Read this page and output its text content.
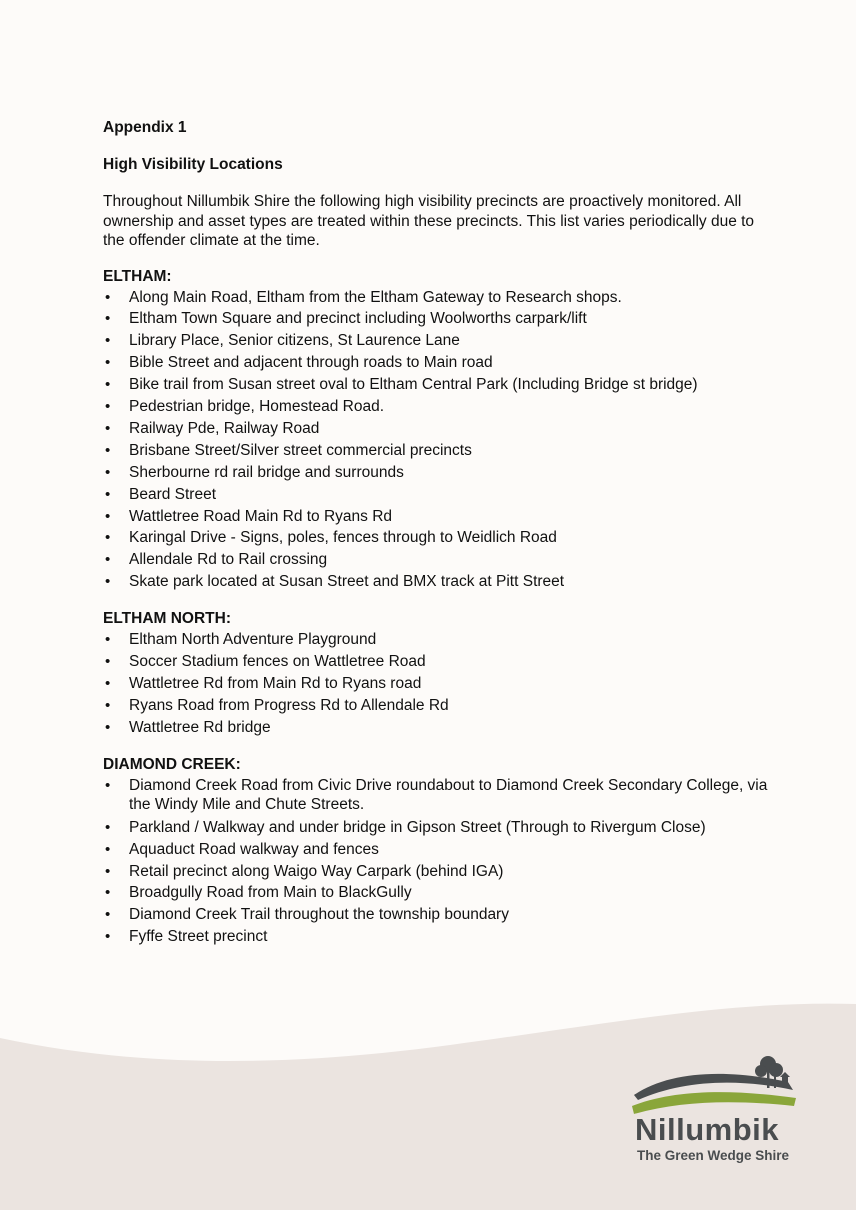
Appendix 1

High Visibility Locations

Throughout Nillumbik Shire the following high visibility precincts are proactively monitored. All ownership and asset types are treated within these precincts. This list varies periodically due to the offender climate at the time.

ELTHAM:

• Along Main Road, Eltham from the Eltham Gateway to Research shops.
• Eltham Town Square and precinct including Woolworths carpark/lift
• Library Place, Senior citizens, St Laurence Lane
• Bible Street and adjacent through roads to Main road
• Bike trail from Susan street oval to Eltham Central Park (Including Bridge st bridge)
• Pedestrian bridge, Homestead Road.
• Railway Pde, Railway Road
• Brisbane Street/Silver street commercial precincts
• Sherbourne rd rail bridge and surrounds
• Beard Street
• Wattletree Road Main Rd to Ryans Rd
• Karingal Drive - Signs, poles, fences through to Weidlich Road
• Allendale Rd to Rail crossing
• Skate park located at Susan Street and BMX track at Pitt Street

ELTHAM NORTH:

• Eltham North Adventure Playground
• Soccer Stadium fences on Wattletree Road
• Wattletree Rd from Main Rd to Ryans road
• Ryans Road from Progress Rd to Allendale Rd
• Wattletree Rd bridge

DIAMOND CREEK:

• Diamond Creek Road from Civic Drive roundabout to Diamond Creek Secondary College, via the Windy Mile and Chute Streets.
• Parkland / Walkway and under bridge in Gipson Street (Through to Rivergum Close)
• Aquaduct Road walkway and fences
• Retail precinct along Waigo Way Carpark (behind IGA)
• Broadgully Road from Main to BlackGully
• Diamond Creek Trail throughout the township boundary
• Fyffe Street precinct
Nillumbik
The Green Wedge Shire
